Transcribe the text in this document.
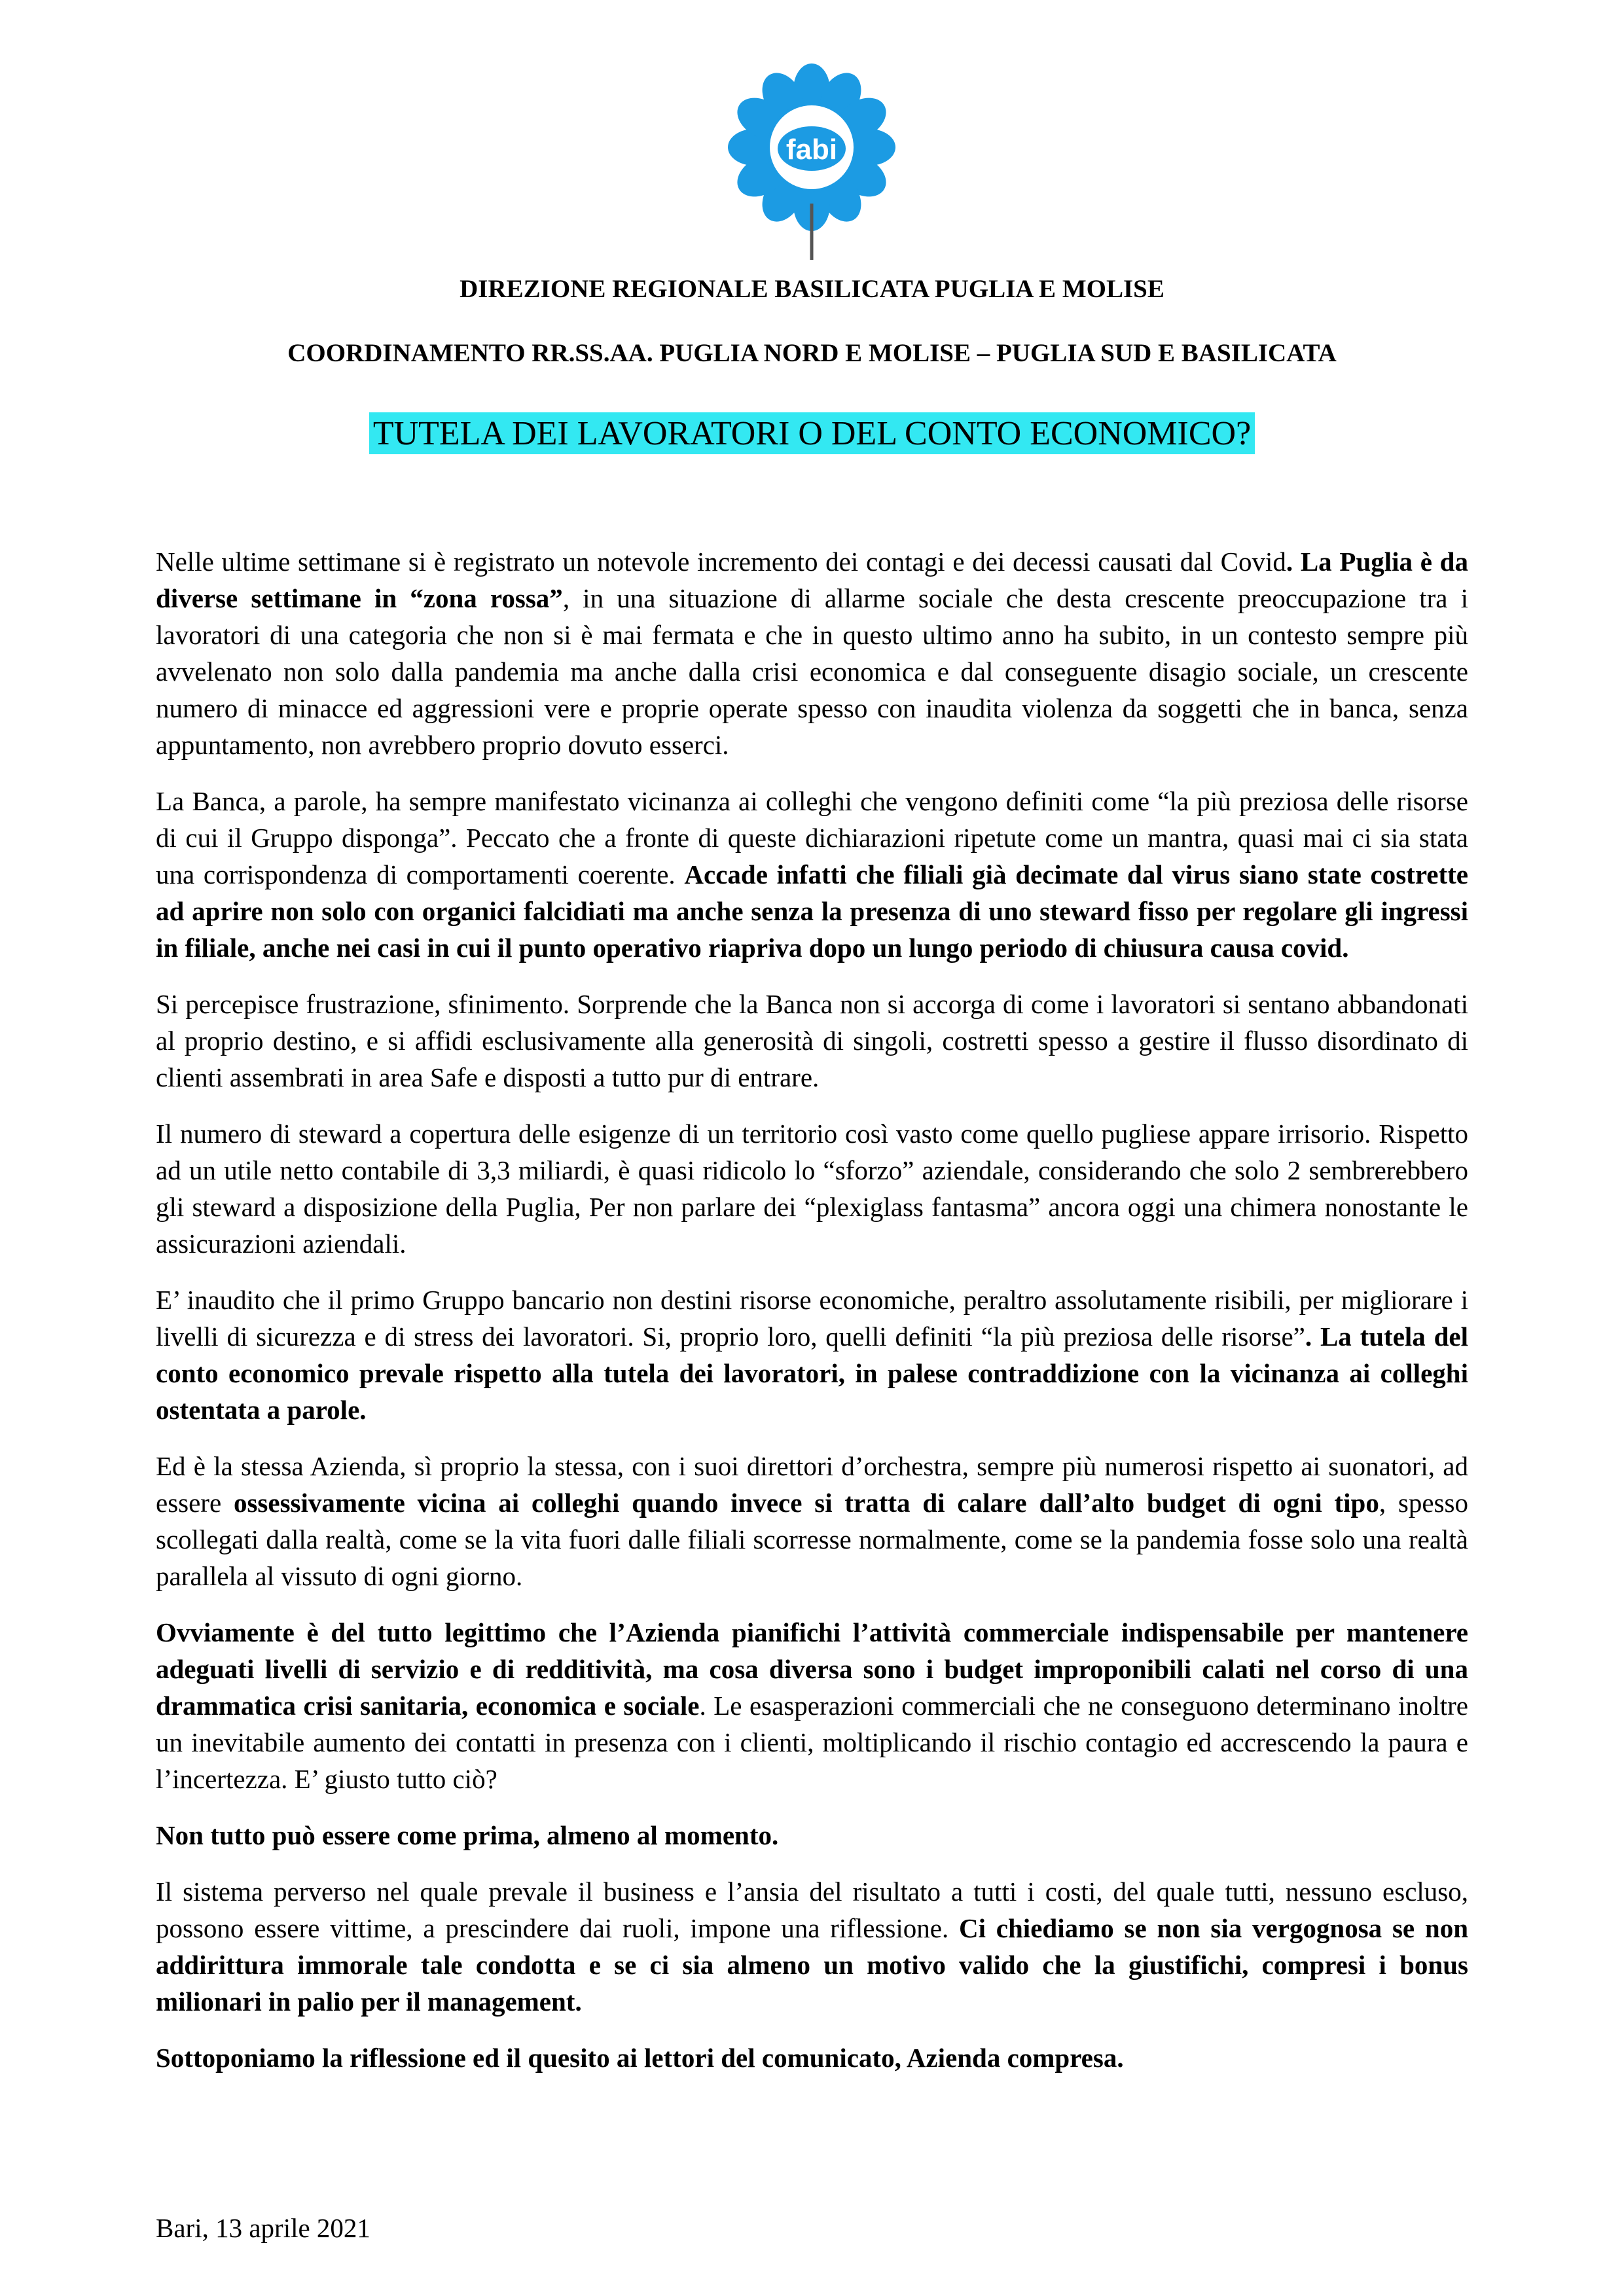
fabi
DIREZIONE REGIONALE BASILICATA PUGLIA E MOLISE
COORDINAMENTO RR.SS.AA. PUGLIA NORD E MOLISE – PUGLIA SUD E BASILICATA
TUTELA DEI LAVORATORI O DEL CONTO ECONOMICO?

Nelle ultime settimane si è registrato un notevole incremento dei contagi e dei decessi causati dal Covid. La Puglia è da diverse settimane in “zona rossa”, in una situazione di allarme sociale che desta crescente preoccupazione tra i lavoratori di una categoria che non si è mai fermata e che in questo ultimo anno ha subito, in un contesto sempre più avvelenato non solo dalla pandemia ma anche dalla crisi economica e dal conseguente disagio sociale, un crescente numero di minacce ed aggressioni vere e proprie operate spesso con inaudita violenza da soggetti che in banca, senza appuntamento, non avrebbero proprio dovuto esserci.

La Banca, a parole, ha sempre manifestato vicinanza ai colleghi che vengono definiti come “la più preziosa delle risorse di cui il Gruppo disponga”. Peccato che a fronte di queste dichiarazioni ripetute come un mantra, quasi mai ci sia stata una corrispondenza di comportamenti coerente. Accade infatti che filiali già decimate dal virus siano state costrette ad aprire non solo con organici falcidiati ma anche senza la presenza di uno steward fisso per regolare gli ingressi in filiale, anche nei casi in cui il punto operativo riapriva dopo un lungo periodo di chiusura causa covid.

Si percepisce frustrazione, sfinimento. Sorprende che la Banca non si accorga di come i lavoratori si sentano abbandonati al proprio destino, e si affidi esclusivamente alla generosità di singoli, costretti spesso a gestire il flusso disordinato di clienti assembrati in area Safe e disposti a tutto pur di entrare.

Il numero di steward a copertura delle esigenze di un territorio così vasto come quello pugliese appare irrisorio. Rispetto ad un utile netto contabile di 3,3 miliardi, è quasi ridicolo lo “sforzo” aziendale, considerando che solo 2 sembrerebbero gli steward a disposizione della Puglia, Per non parlare dei “plexiglass fantasma” ancora oggi una chimera nonostante le assicurazioni aziendali.

E’ inaudito che il primo Gruppo bancario non destini risorse economiche, peraltro assolutamente risibili, per migliorare i livelli di sicurezza e di stress dei lavoratori. Si, proprio loro, quelli definiti “la più preziosa delle risorse”. La tutela del conto economico prevale rispetto alla tutela dei lavoratori, in palese contraddizione con la vicinanza ai colleghi ostentata a parole.

Ed è la stessa Azienda, sì proprio la stessa, con i suoi direttori d’orchestra, sempre più numerosi rispetto ai suonatori, ad essere ossessivamente vicina ai colleghi quando invece si tratta di calare dall’alto budget di ogni tipo, spesso scollegati dalla realtà, come se la vita fuori dalle filiali scorresse normalmente, come se la pandemia fosse solo una realtà parallela al vissuto di ogni giorno.

Ovviamente è del tutto legittimo che l’Azienda pianifichi l’attività commerciale indispensabile per mantenere adeguati livelli di servizio e di redditività, ma cosa diversa sono i budget improponibili calati nel corso di una drammatica crisi sanitaria, economica e sociale. Le esasperazioni commerciali che ne conseguono determinano inoltre un inevitabile aumento dei contatti in presenza con i clienti, moltiplicando il rischio contagio ed accrescendo la paura e l’incertezza. E’ giusto tutto ciò?

Non tutto può essere come prima, almeno al momento.

Il sistema perverso nel quale prevale il business e l’ansia del risultato a tutti i costi, del quale tutti, nessuno escluso, possono essere vittime, a prescindere dai ruoli, impone una riflessione. Ci chiediamo se non sia vergognosa se non addirittura immorale tale condotta e se ci sia almeno un motivo valido che la giustifichi, compresi i bonus milionari in palio per il management.

Sottoponiamo la riflessione ed il quesito ai lettori del comunicato, Azienda compresa.

Bari, 13 aprile 2021
